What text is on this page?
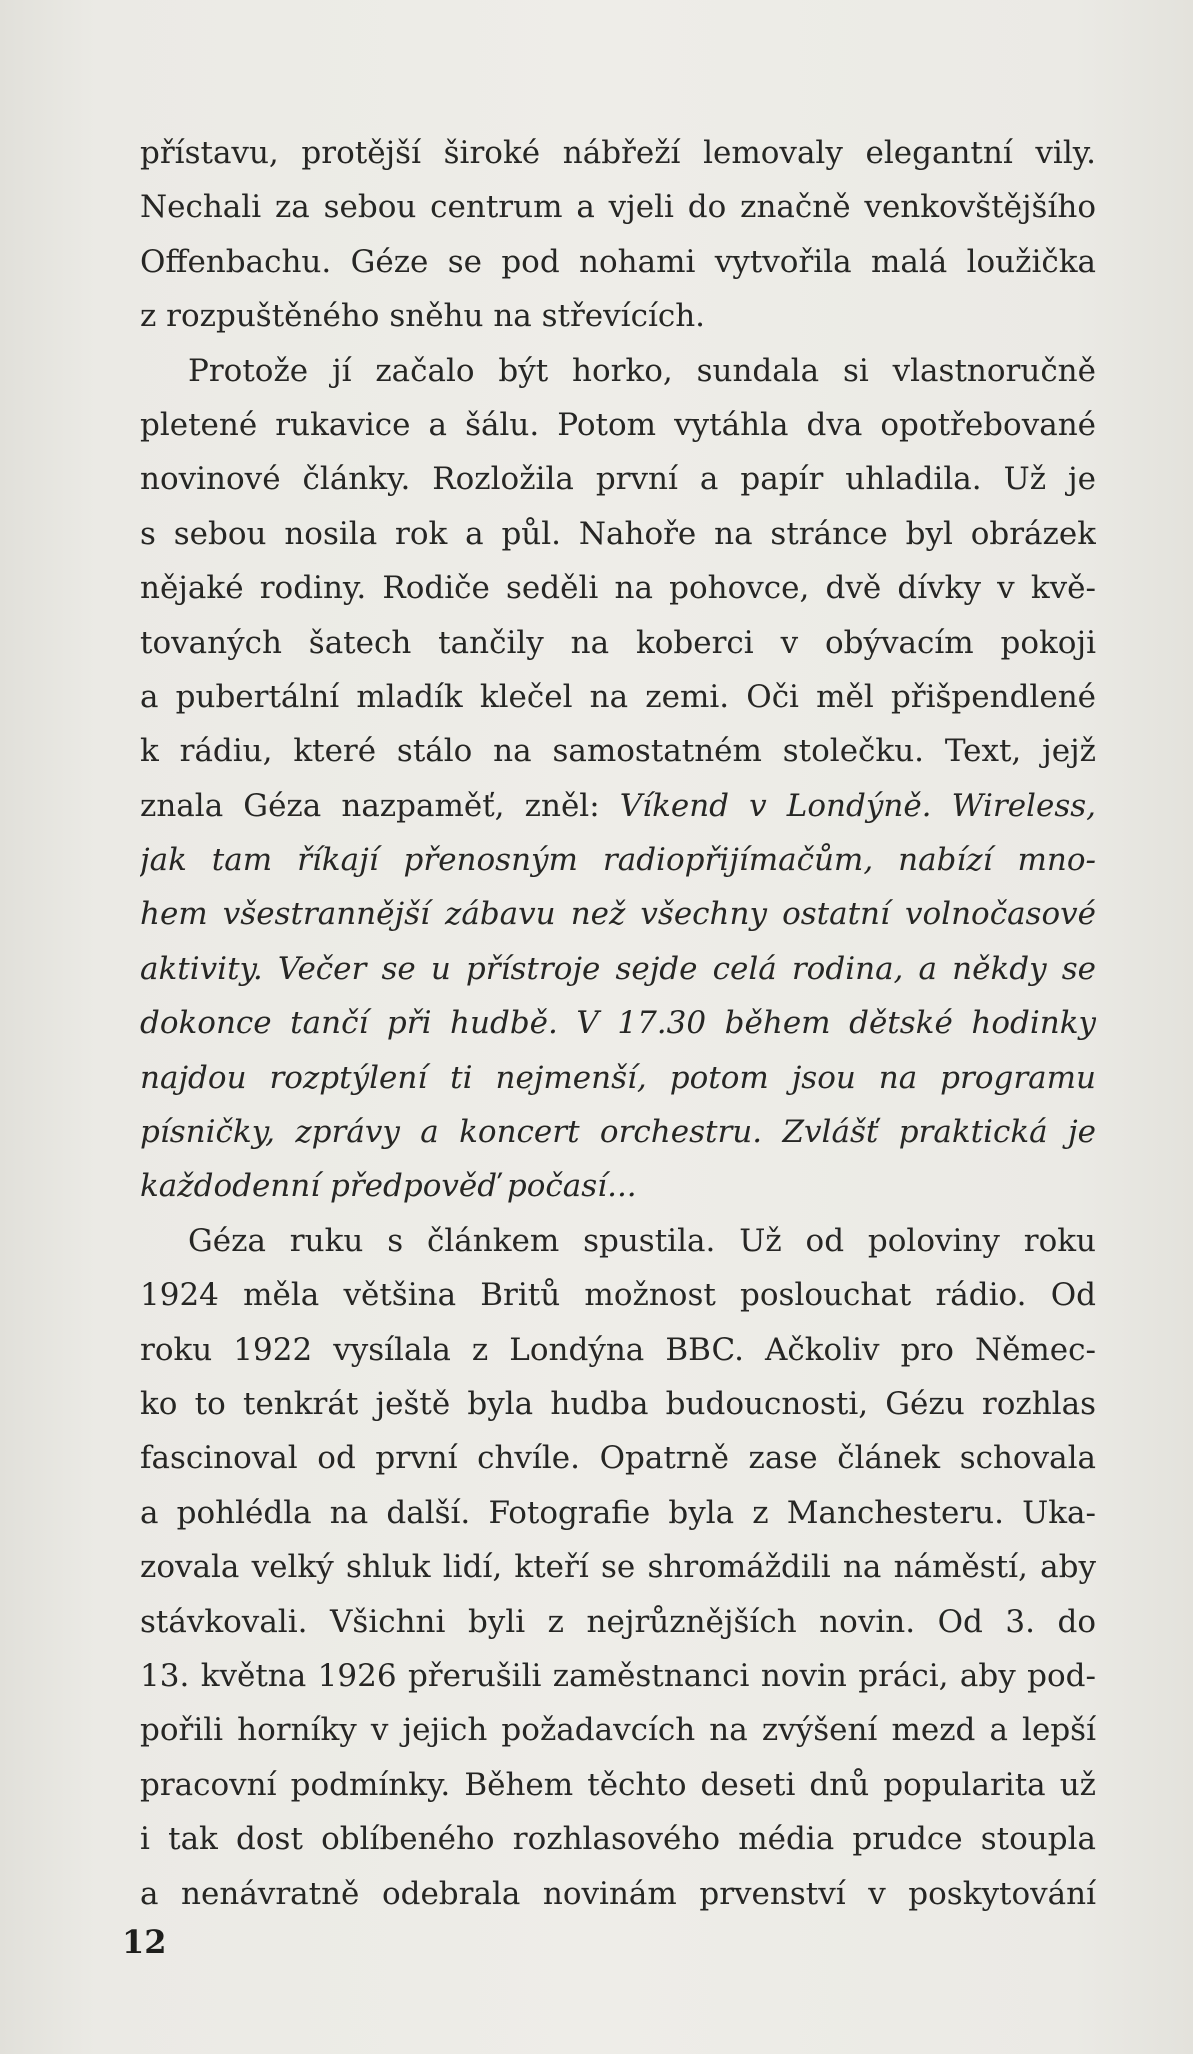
přístavu, protější široké nábřeží lemovaly elegantní vily.
Nechali za sebou centrum a vjeli do značně venkovštějšího
Offenbachu. Géze se pod nohami vytvořila malá loužička
z rozpuštěného sněhu na střevících.
Protože jí začalo být horko, sundala si vlastnoručně
pletené rukavice a šálu. Potom vytáhla dva opotřebované
novinové články. Rozložila první a papír uhladila. Už je
s sebou nosila rok a půl. Nahoře na stránce byl obrázek
nějaké rodiny. Rodiče seděli na pohovce, dvě dívky v kvě-
tovaných šatech tančily na koberci v obývacím pokoji
a pubertální mladík klečel na zemi. Oči měl přišpendlené
k rádiu, které stálo na samostatném stolečku. Text, jejž
znala Géza nazpaměť, zněl: Víkend v Londýně. Wireless,
jak tam říkají přenosným radiopřijímačům, nabízí mno-
hem všestrannější zábavu než všechny ostatní volnočasové
aktivity. Večer se u přístroje sejde celá rodina, a někdy se
dokonce tančí při hudbě. V 17.30 během dětské hodinky
najdou rozptýlení ti nejmenší, potom jsou na programu
písničky, zprávy a koncert orchestru. Zvlášť praktická je
každodenní předpověď počasí...
Géza ruku s článkem spustila. Už od poloviny roku
1924 měla většina Britů možnost poslouchat rádio. Od
roku 1922 vysílala z Londýna BBC. Ačkoliv pro Němec-
ko to tenkrát ještě byla hudba budoucnosti, Gézu rozhlas
fascinoval od první chvíle. Opatrně zase článek schovala
a pohlédla na další. Fotografie byla z Manchesteru. Uka-
zovala velký shluk lidí, kteří se shromáždili na náměstí, aby
stávkovali. Všichni byli z nejrůznějších novin. Od 3. do
13. května 1926 přerušili zaměstnanci novin práci, aby pod-
pořili horníky v jejich požadavcích na zvýšení mezd a lepší
pracovní podmínky. Během těchto deseti dnů popularita už
i tak dost oblíbeného rozhlasového média prudce stoupla
a nenávratně odebrala novinám prvenství v poskytování
12
